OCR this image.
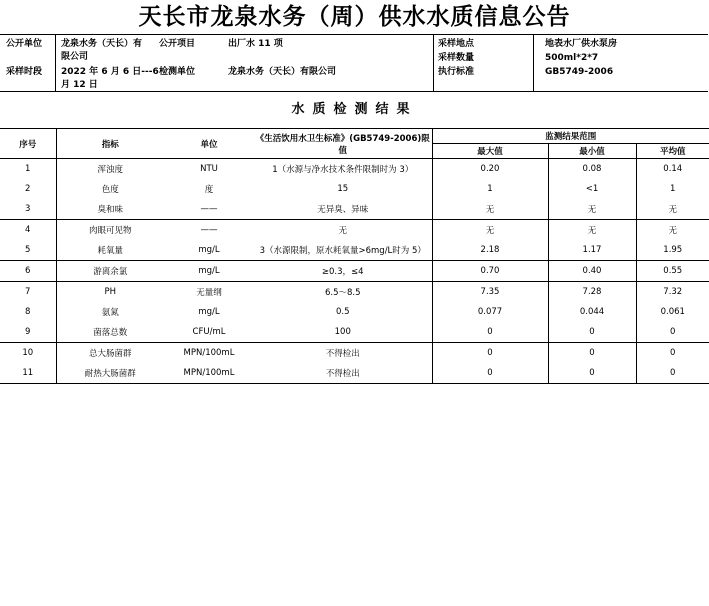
天长市龙泉水务（周）供水水质信息公告
公开单位 龙泉水务（天长）有
限公司
公开项目	出厂水 11 项
采样时段 2022 年 6 月 6 日---6
月 12 日
检测单位	龙泉水务（天长）有限公司
采样地点	地表水厂供水泵房
采样数量	500ml*2*7
执行标准	GB5749-2006
水质检测结果
序号	指标	单位	《生活饮用水卫生标准》(GB5749-2006)限值	监测结果范围		
				最大值	最小值	平均值
1	浑浊度	NTU	1（水源与净水技术条件限制时为 3）	0.20	0.08	0.14
2	色度	度	15	1	<1	1
3	臭和味	——	无异臭、异味	无	无	无
4	肉眼可见物	——	无	无	无	无
5	耗氧量	mg/L	3（水源限制，原水耗氧量>6mg/L时为 5）	2.18	1.17	1.95
6	游离余氯	mg/L	≥0.3，≤4	0.70	0.40	0.55
7	PH	无量纲	6.5～8.5	7.35	7.28	7.32
8	氨氮	mg/L	0.5	0.077	0.044	0.061
9	菌落总数	CFU/mL	100	0	0	0
10	总大肠菌群	MPN/100mL	不得检出	0	0	0
11	耐热大肠菌群	MPN/100mL	不得检出	0	0	0
